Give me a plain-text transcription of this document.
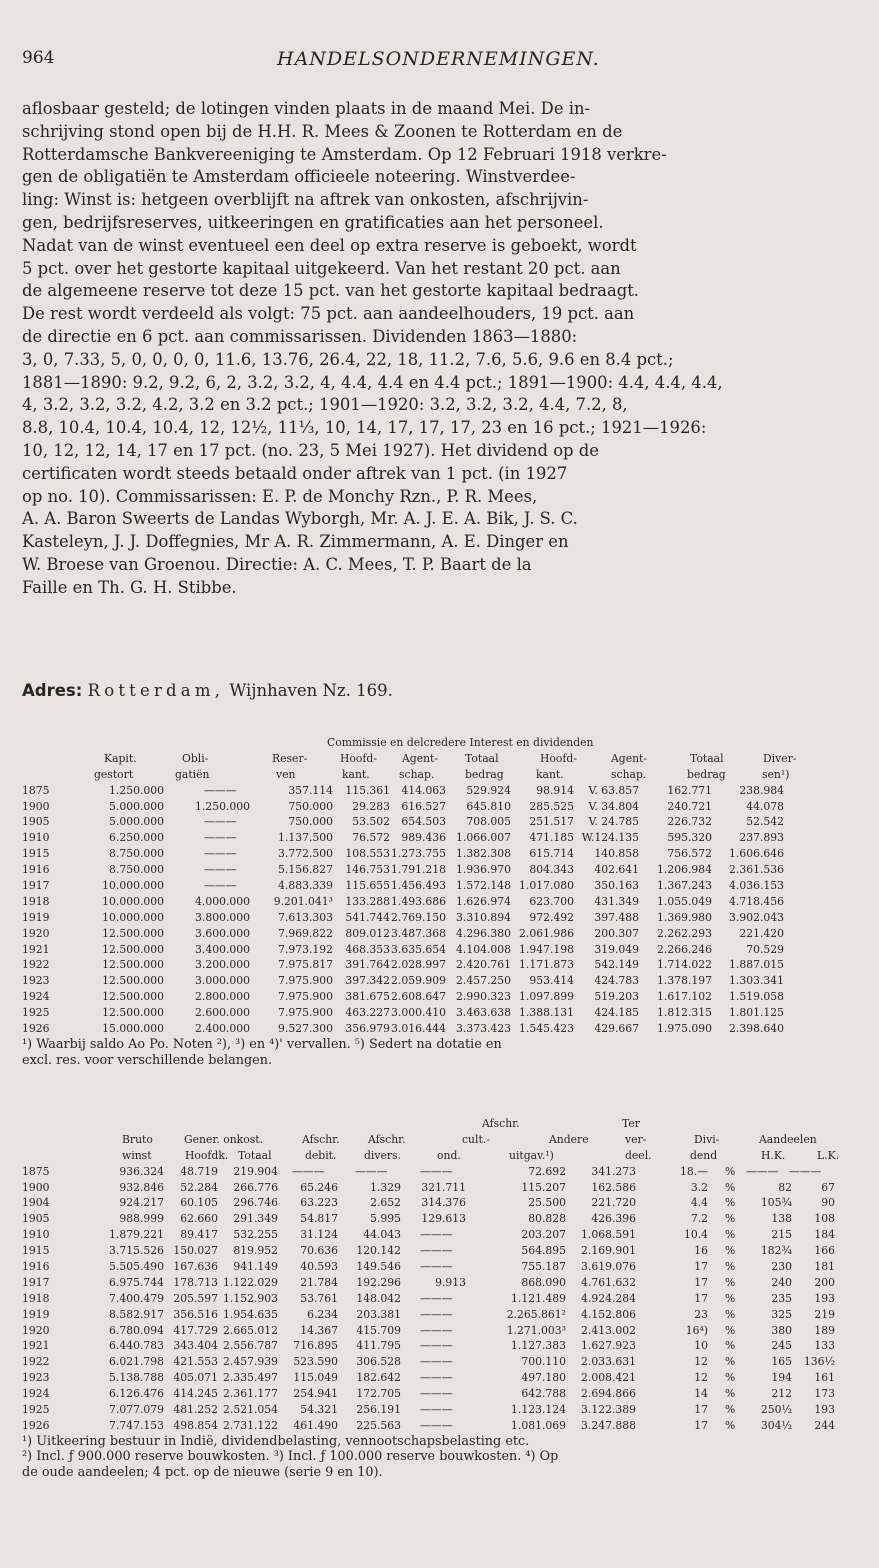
964	HANDELSONDERNEMINGEN.
aflosbaar gesteld; de lotingen vinden plaats in de maand Mei. De in-
schrijving stond open bij de H.H. R. Mees & Zoonen te Rotterdam en de
Rotterdamsche Bankvereeniging te Amsterdam. Op 12 Februari 1918 verkre-
gen de obligatiën te Amsterdam officieele noteering. Winstverdee-
ling: Winst is: hetgeen overblijft na aftrek van onkosten, afschrijvin-
gen, bedrijfsreserves, uitkeeringen en gratificaties aan het personeel.
Nadat van de winst eventueel een deel op extra reserve is geboekt, wordt
5 pct. over het gestorte kapitaal uitgekeerd. Van het restant 20 pct. aan
de algemeene reserve tot deze 15 pct. van het gestorte kapitaal bedraagt.
De rest wordt verdeeld als volgt: 75 pct. aan aandeelhouders, 19 pct. aan
de directie en 6 pct. aan commissarissen. Dividenden 1863—1880:
3, 0, 7.33, 5, 0, 0, 0, 0, 11.6, 13.76, 26.4, 22, 18, 11.2, 7.6, 5.6, 9.6 en 8.4 pct.;
1881—1890: 9.2, 9.2, 6, 2, 3.2, 3.2, 4, 4.4, 4.4 en 4.4 pct.; 1891—1900: 4.4, 4.4, 4.4,
4, 3.2, 3.2, 3.2, 4.2, 3.2 en 3.2 pct.; 1901—1920: 3.2, 3.2, 3.2, 4.4, 7.2, 8,
8.8, 10.4, 10.4, 10.4, 12, 12½, 11⅓, 10, 14, 17, 17, 17, 23 en 16 pct.; 1921—1926:
10, 12, 12, 14, 17 en 17 pct. (no. 23, 5 Mei 1927). Het dividend op de
certificaten wordt steeds betaald onder aftrek van 1 pct. (in 1927
op no. 10). Commissarissen: E. P. de Monchy Rzn., P. R. Mees,
A. A. Baron Sweerts de Landas Wyborgh, Mr. A. J. E. A. Bik, J. S. C.
Kasteleyn, J. J. Doffegnies, Mr A. R. Zimmermann, A. E. Dinger en
W. Broese van Groenou. Directie: A. C. Mees, T. P. Baart de la
Faille en Th. G. H. Stibbe.
Adres: Rotterdam, Wijnhaven Nz. 169.
Commissie en delcredere Interest en dividenden
Kapit.	Obli-	Reser-	Hoofd- Agent- Totaal	Hoofd-	Agent-	Totaal	Diver-
gestort	gatiën	ven	kant.	schap.	bedrag	kant.	schap.	bedrag	sen¹)
1875	1.250.000	———	357.114 115.361 414.063 529.924 98.914 V. 63.857	162.771	238.984
1900	5.000.000	1.250.000	750.000 29.283 616.527 645.810 285.525 V. 34.804	240.721	44.078
1905	5.000.000	———	750.000 53.502 654.503 708.005 251.517 V. 24.785	226.732	52.542
1910	6.250.000	———	1.137.500 76.572 989.436 1.066.007 471.185 W.124.135	595.320	237.893
1915	8.750.000	———	3.772.500 108.553 1.273.755 1.382.308 615.714 140.858	756.572 1.606.646
1916	8.750.000	———	5.156.827 146.753 1.791.218 1.936.970 804.343 402.641 1.206.984 2.361.536
1917	10.000.000	———	4.883.339 115.655 1.456.493 1.572.148 1.017.080 350.163 1.367.243 4.036.153
1918	10.000.000	4.000.000 9.201.041³ 133.288 1.493.686 1.626.974 623.700 431.349 1.055.049 4.718.456
1919	10.000.000	3.800.000	7.613.303 541.744 2.769.150 3.310.894 972.492 397.488 1.369.980 3.902.043
1920	12.500.000	3.600.000	7.969.822 809.012 3.487.368 4.296.380 2.061.986 200.307 2.262.293	221.420
1921	12.500.000	3.400.000	7.973.192 468.353 3.635.654 4.104.008 1.947.198 319.049 2.266.246	70.529
1922	12.500.000	3.200.000	7.975.817 391.764 2.028.997 2.420.761 1.171.873 542.149 1.714.022 1.887.015
1923	12.500.000	3.000.000	7.975.900 397.342 2.059.909 2.457.250 953.414 424.783 1.378.197 1.303.341
1924	12.500.000	2.800.000	7.975.900 381.675 2.608.647 2.990.323 1.097.899 519.203 1.617.102 1.519.058
1925	12.500.000	2.600.000	7.975.900 463.227 3.000.410 3.463.638 1.388.131 424.185 1.812.315 1.801.125
1926	15.000.000	2.400.000	9.527.300 356.979 3.016.444 3.373.423 1.545.423 429.667 1.975.090 2.398.640
¹) Waarbij saldo Ao Po. Noten ²), ³) en ⁴)' vervallen. ⁵) Sedert na dotatie en
excl. res. voor verschillende belangen.
Afschr.	Ter
Bruto	Gener. onkost.	Afschr.	Afschr.	cult.-	Andere	ver-	Divi-	Aandeelen
winst	Hoofdk. Totaal	debit.	divers.	ond.	uitgav.¹)	deel.	dend	H.K.	L.K.
1875	936.324 48.719 219.904 ———	———	———	72.692 341.273	18.— % ——— ———
1900	932.846 52.284 266.776 65.246	1.329 321.711	115.207 162.586	3.2 %	82	67
1904	924.217 60.105 296.746 63.223	2.652 314.376	25.500 221.720	4.4 % 105¾	90
1905	988.999 62.660 291.349 54.817	5.995 129.613	80.828 426.396	7.2 %	138 108
1910	1.879.221 89.417 532.255 31.124 44.043 ———	203.207 1.068.591	10.4 %	215 184
1915	3.715.526 150.027 819.952 70.636 120.142 ———	564.895 2.169.901	16 % 182¾ 166
1916	5.505.490 167.636 941.149 40.593 149.546 ———	755.187 3.619.076	17 %	230 181
1917	6.975.744 178.713 1.122.029 21.784 192.296	9.913	868.090 4.761.632	17 %	240 200
1918	7.400.479 205.597 1.152.903 53.761 148.042 ———	1.121.489 4.924.284	17 %	235 193
1919	8.582.917 356.516 1.954.635	6.234 203.381 ———	2.265.861² 4.152.806	23 %	325 219
1920	6.780.094 417.729 2.665.012 14.367 415.709 ———	1.271.003³ 2.413.002	16⁴) %	380 189
1921	6.440.783 343.404 2.556.787 716.895 411.795 ———	1.127.383 1.627.923	10 %	245 133
1922	6.021.798 421.553 2.457.939 523.590 306.528 ———	700.110 2.033.631	12 %	165 136½
1923	5.138.788 405.071 2.335.497 115.049 182.642 ———	497.180 2.008.421	12 %	194 161
1924	6.126.476 414.245 2.361.177 254.941 172.705 ———	642.788 2.694.866	14 %	212 173
1925	7.077.079 481.252 2.521.054 54.321 256.191 ———	1.123.124 3.122.389	17 % 250½ 193
1926	7.747.153 498.854 2.731.122 461.490 225.563 ———	1.081.069 3.247.888	17 % 304½ 244
¹) Uitkeering bestuur in Indië, dividendbelasting, vennootschapsbelasting etc.
²) Incl. ƒ 900.000 reserve bouwkosten. ³) Incl. ƒ 100.000 reserve bouwkosten. ⁴) Op
de oude aandeelen; 4 pct. op de nieuwe (serie 9 en 10).
